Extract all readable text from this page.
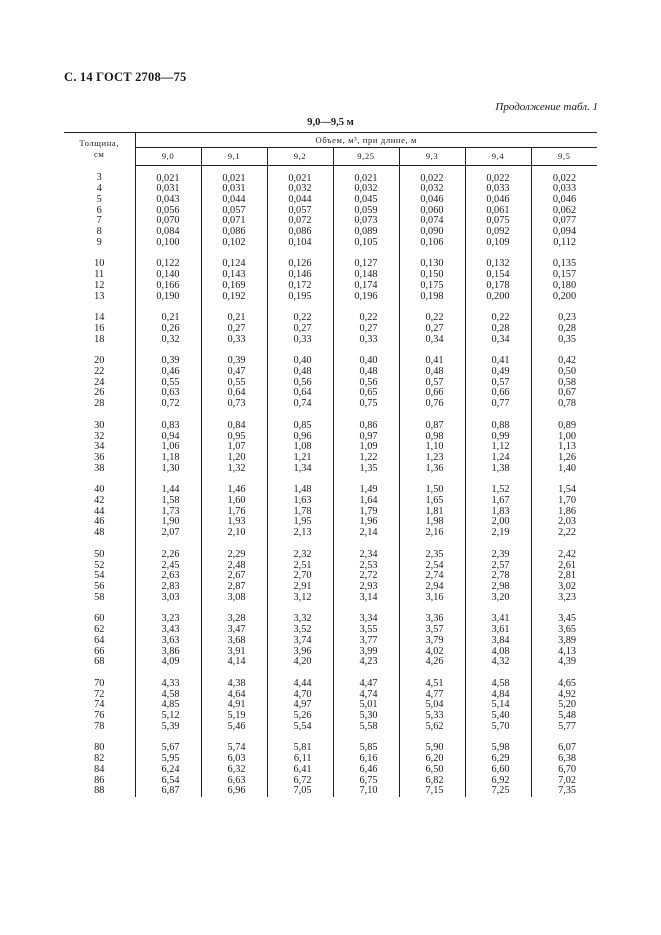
С. 14 ГОСТ 2708—75
Продолжение табл. 1
9,0—9,5 м
Толщина,
см	Объем, м³, при длине, м						
	9,0	9,1	9,2	9,25	9,3	9,4	9,5
3	0,021	0,021	0,021	0,021	0,022	0,022	0,022
4	0,031	0,031	0,032	0,032	0,032	0,033	0,033
5	0,043	0,044	0,044	0,045	0,046	0,046	0,046
6	0,056	0,057	0,057	0,059	0,060	0,061	0,062
7	0,070	0,071	0,072	0,073	0,074	0,075	0,077
8	0,084	0,086	0,086	0,089	0,090	0,092	0,094
9	0,100	0,102	0,104	0,105	0,106	0,109	0,112

10	0,122	0,124	0,126	0,127	0,130	0,132	0,135
11	0,140	0,143	0,146	0,148	0,150	0,154	0,157
12	0,166	0,169	0,172	0,174	0,175	0,178	0,180
13	0,190	0,192	0,195	0,196	0,198	0,200	0,200

14	0,21	0,21	0,22	0,22	0,22	0,22	0,23
16	0,26	0,27	0,27	0,27	0,27	0,28	0,28
18	0,32	0,33	0,33	0,33	0,34	0,34	0,35

20	0,39	0,39	0,40	0,40	0,41	0,41	0,42
22	0,46	0,47	0,48	0,48	0,48	0,49	0,50
24	0,55	0,55	0,56	0,56	0,57	0,57	0,58
26	0,63	0,64	0,64	0,65	0,66	0,66	0,67
28	0,72	0,73	0,74	0,75	0,76	0,77	0,78

30	0,83	0,84	0,85	0,86	0,87	0,88	0,89
32	0,94	0,95	0,96	0,97	0,98	0,99	1,00
34	1,06	1,07	1,08	1,09	1,10	1,12	1,13
36	1,18	1,20	1,21	1,22	1,23	1,24	1,26
38	1,30	1,32	1,34	1,35	1,36	1,38	1,40

40	1,44	1,46	1,48	1,49	1,50	1,52	1,54
42	1,58	1,60	1,63	1,64	1,65	1,67	1,70
44	1,73	1,76	1,78	1,79	1,81	1,83	1,86
46	1,90	1,93	1,95	1,96	1,98	2,00	2,03
48	2,07	2,10	2,13	2,14	2,16	2,19	2,22

50	2,26	2,29	2,32	2,34	2,35	2,39	2,42
52	2,45	2,48	2,51	2,53	2,54	2,57	2,61
54	2,63	2,67	2,70	2,72	2,74	2,78	2,81
56	2,83	2,87	2,91	2,93	2,94	2,98	3,02
58	3,03	3,08	3,12	3,14	3,16	3,20	3,23

60	3,23	3,28	3,32	3,34	3,36	3,41	3,45
62	3,43	3,47	3,52	3,55	3,57	3,61	3,65
64	3,63	3,68	3,74	3,77	3,79	3,84	3,89
66	3,86	3,91	3,96	3,99	4,02	4,08	4,13
68	4,09	4,14	4,20	4,23	4,26	4,32	4,39

70	4,33	4,38	4,44	4,47	4,51	4,58	4,65
72	4,58	4,64	4,70	4,74	4,77	4,84	4,92
74	4,85	4,91	4,97	5,01	5,04	5,14	5,20
76	5,12	5,19	5,26	5,30	5,33	5,40	5,48
78	5,39	5,46	5,54	5,58	5,62	5,70	5,77

80	5,67	5,74	5,81	5,85	5,90	5,98	6,07
82	5,95	6,03	6,11	6,16	6,20	6,29	6,38
84	6,24	6,32	6,41	6,46	6,50	6,60	6,70
86	6,54	6,63	6,72	6,75	6,82	6,92	7,02
88	6,87	6,96	7,05	7,10	7,15	7,25	7,35
